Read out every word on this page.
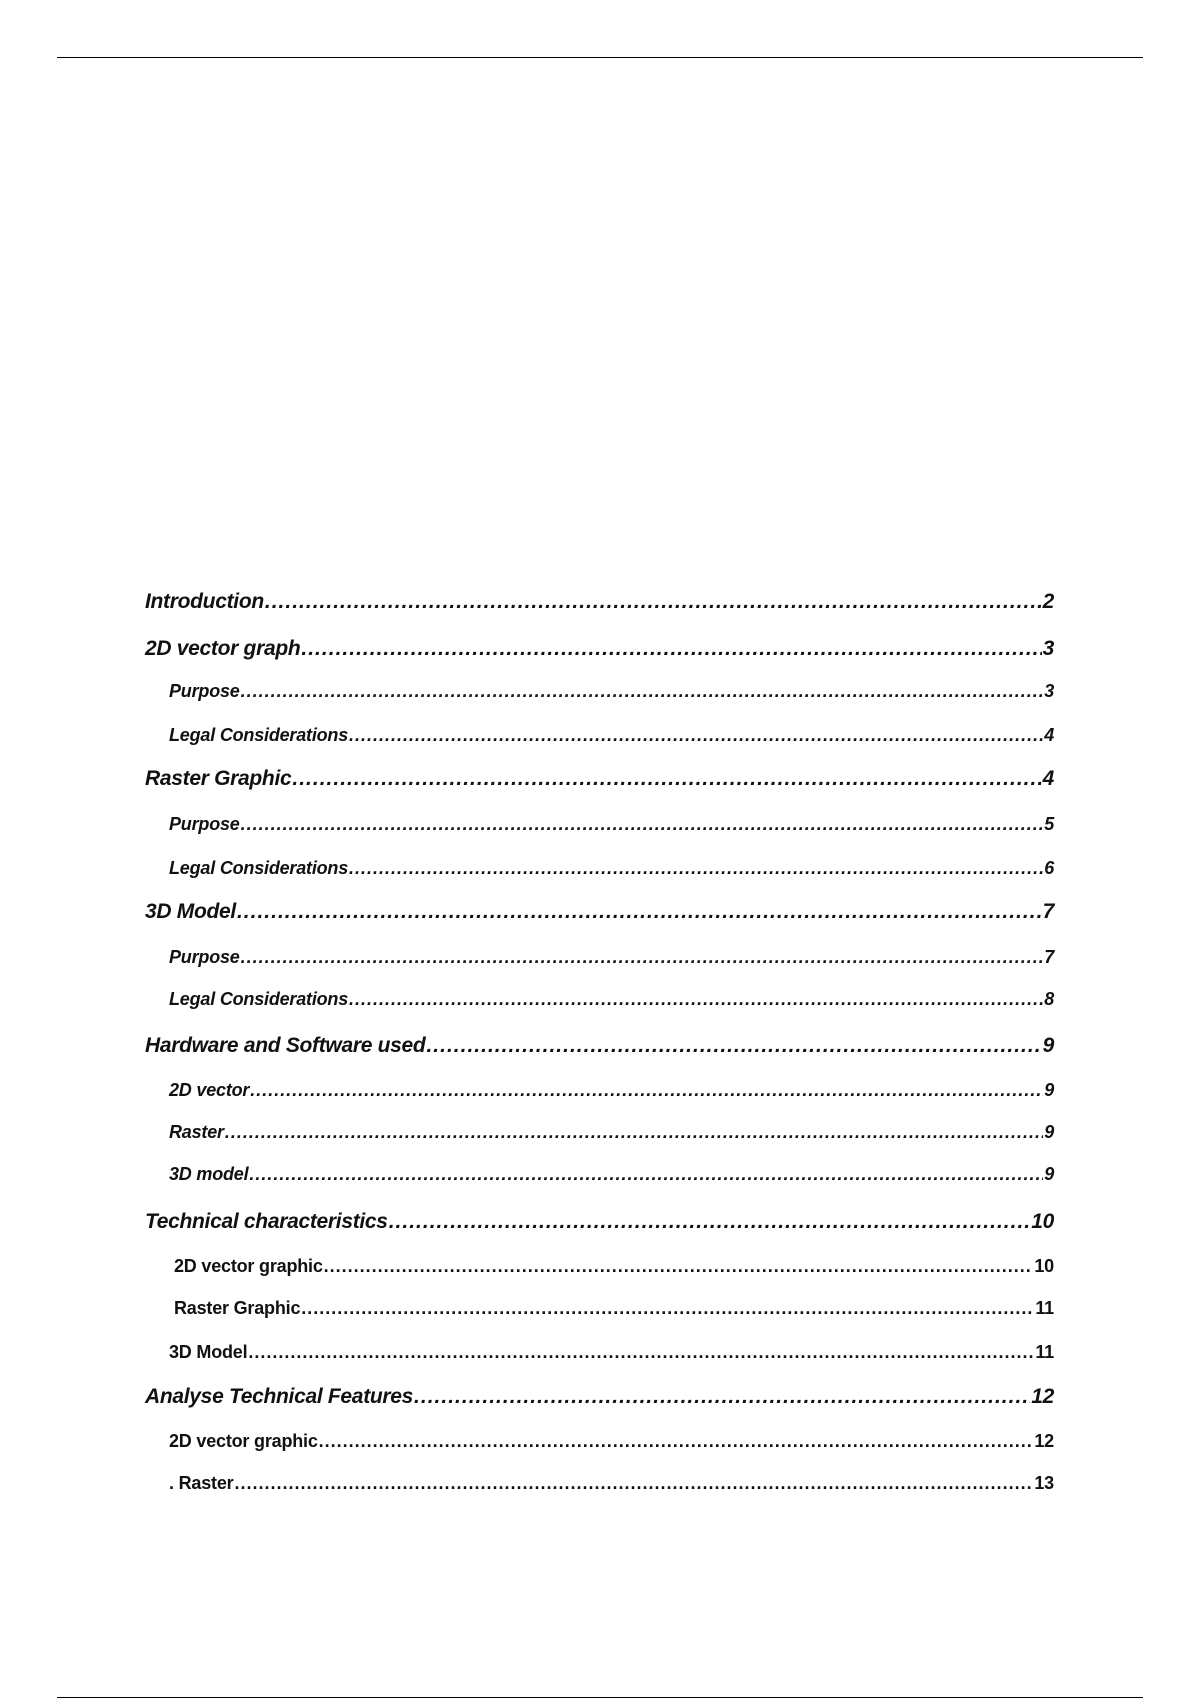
Introduction .....	2
2D vector graph .....	3
Purpose .....	3
Legal Considerations .....	4
Raster Graphic .....	4
Purpose .....	5
Legal Considerations .....	6
3D Model .....	7
Purpose .....	7
Legal Considerations .....	8
Hardware and Software used .....	9
2D vector .....	9
Raster .....	9
3D model .....	9
Technical characteristics .....	10
2D vector graphic .....	10
Raster Graphic .....	11
3D Model .....	11
Analyse Technical Features .....	12
2D vector graphic .....	12
. Raster .....	13
